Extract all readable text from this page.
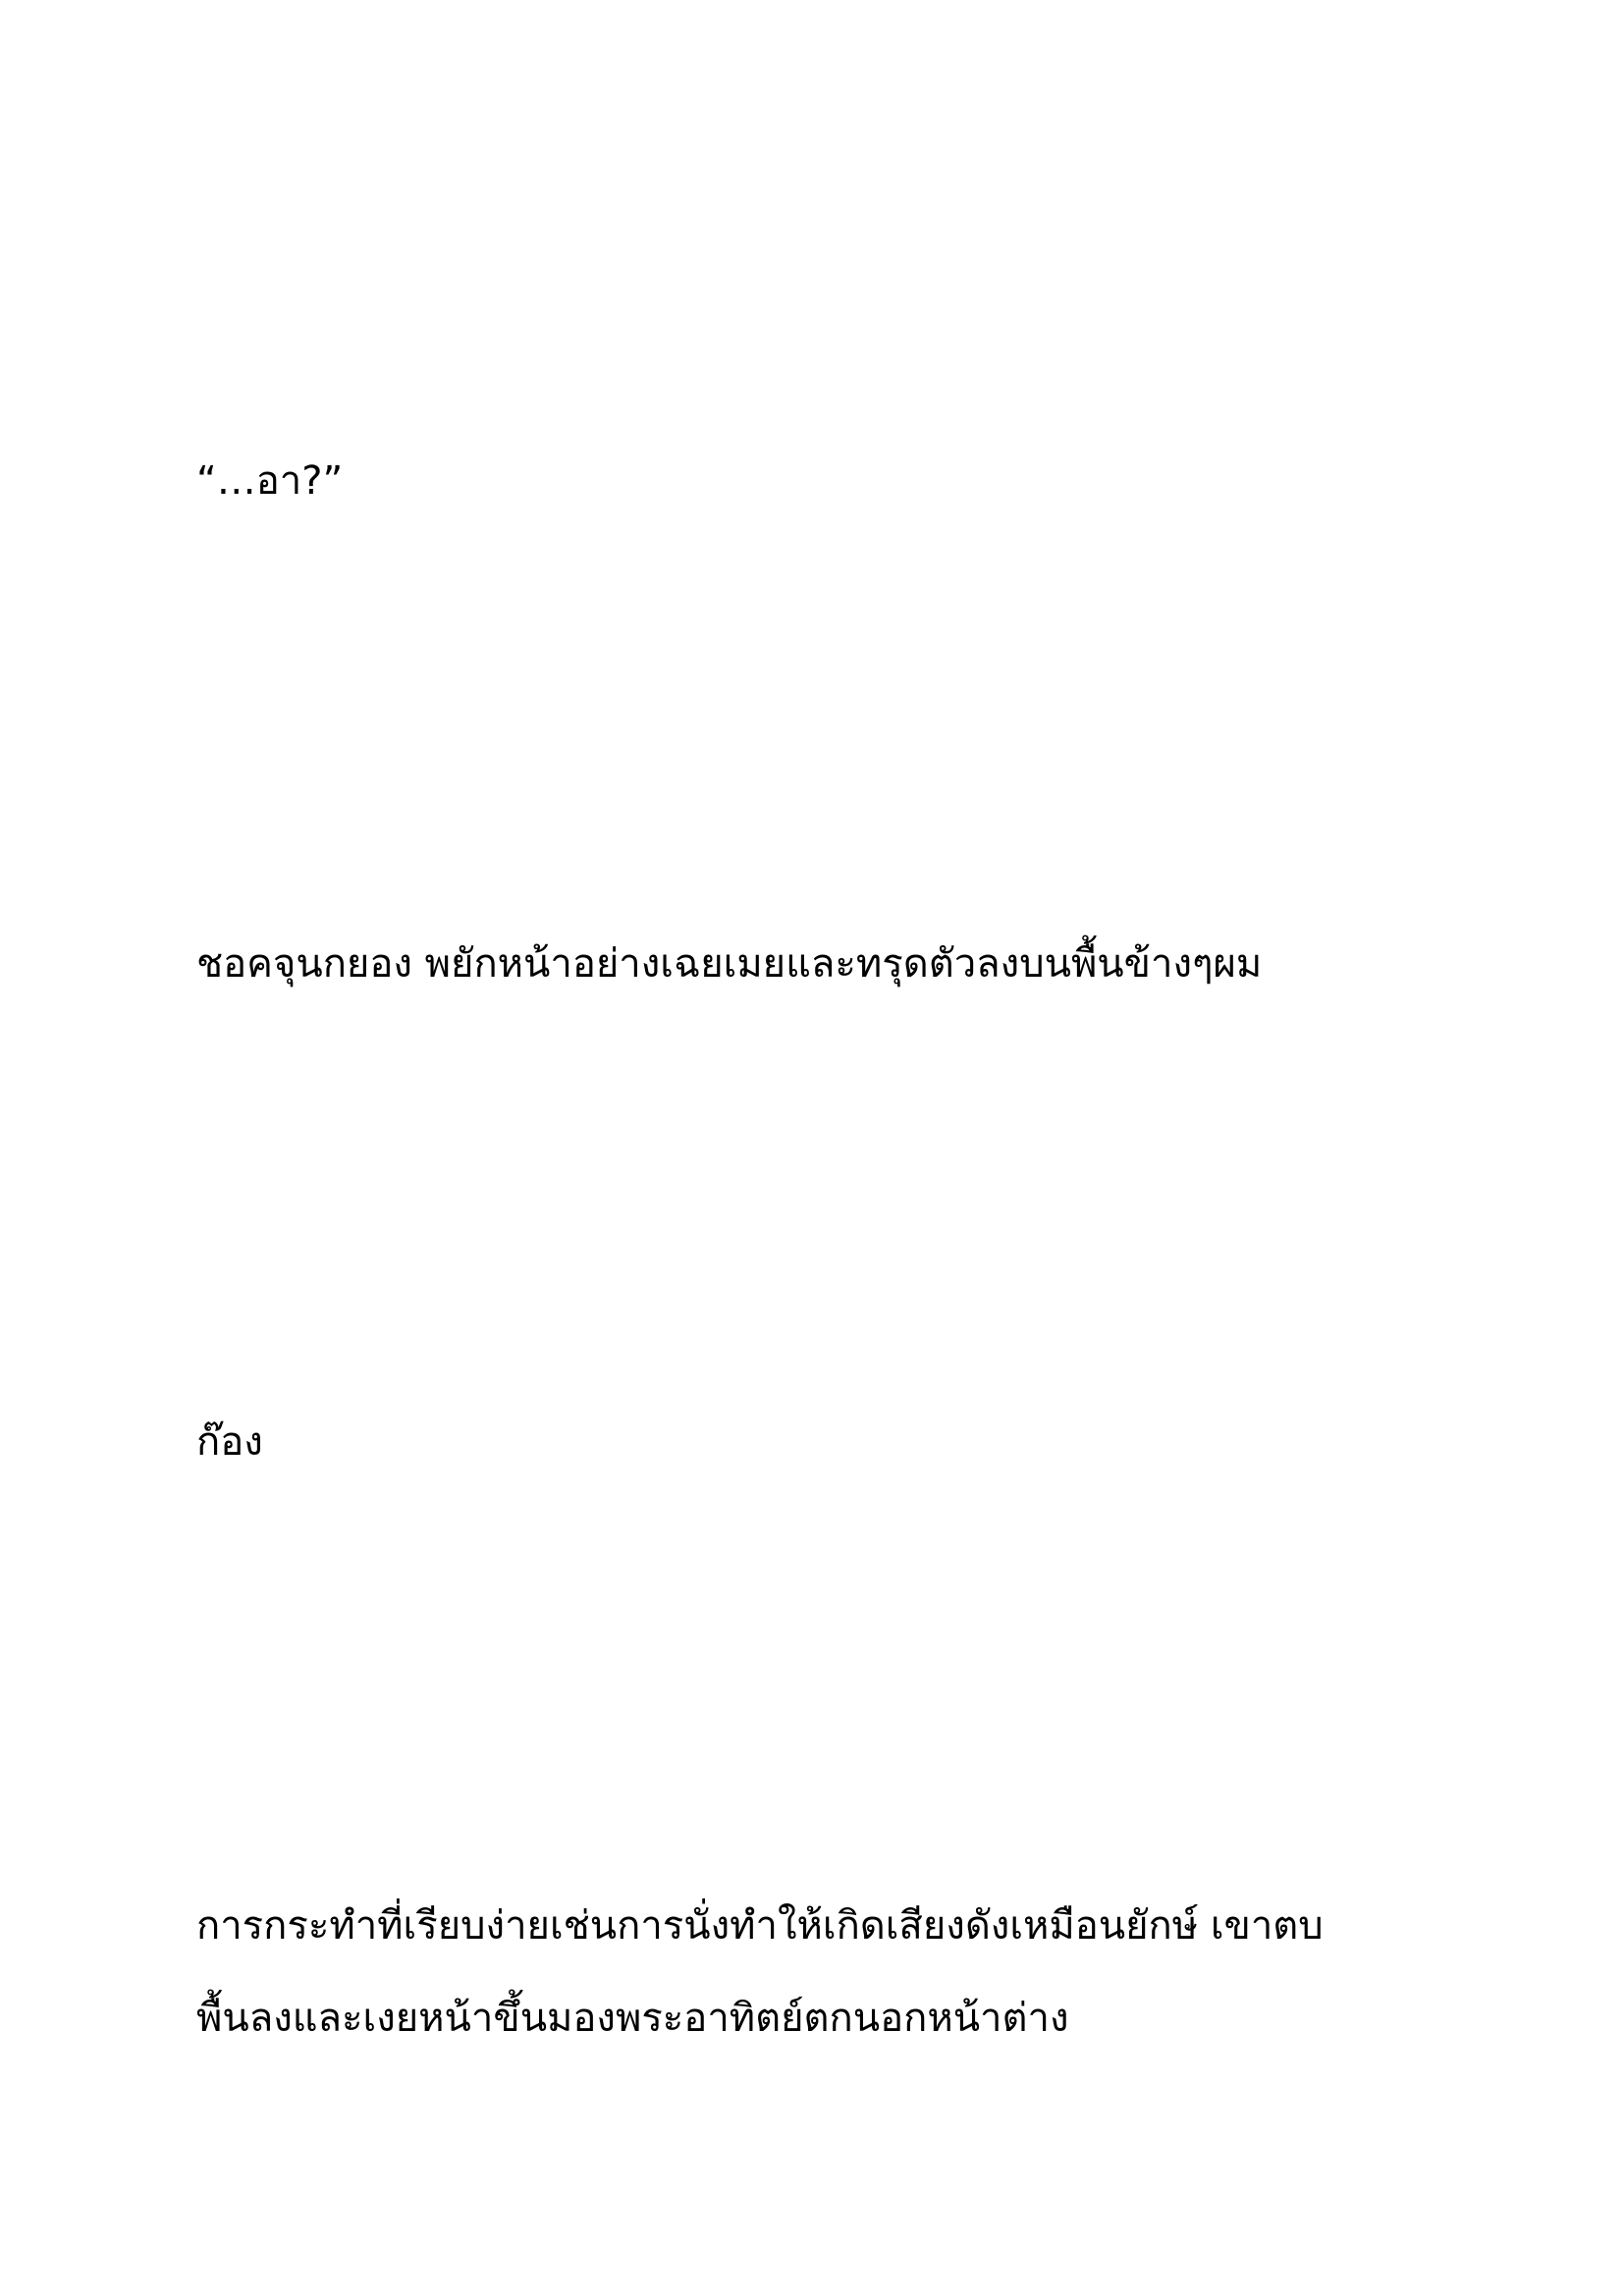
“…อา?”

ชอคจุนกยอง พยักหน้าอย่างเฉยเมยและทรุดตัวลงบนพื้นข้างๆผม

ก๊อง

การกระทำที่เรียบง่ายเช่นการนั่งทำให้เกิดเสียงดังเหมือนยักษ์ เขาตบ

พื้นลงและเงยหน้าขึ้นมองพระอาทิตย์ตกนอกหน้าต่าง
